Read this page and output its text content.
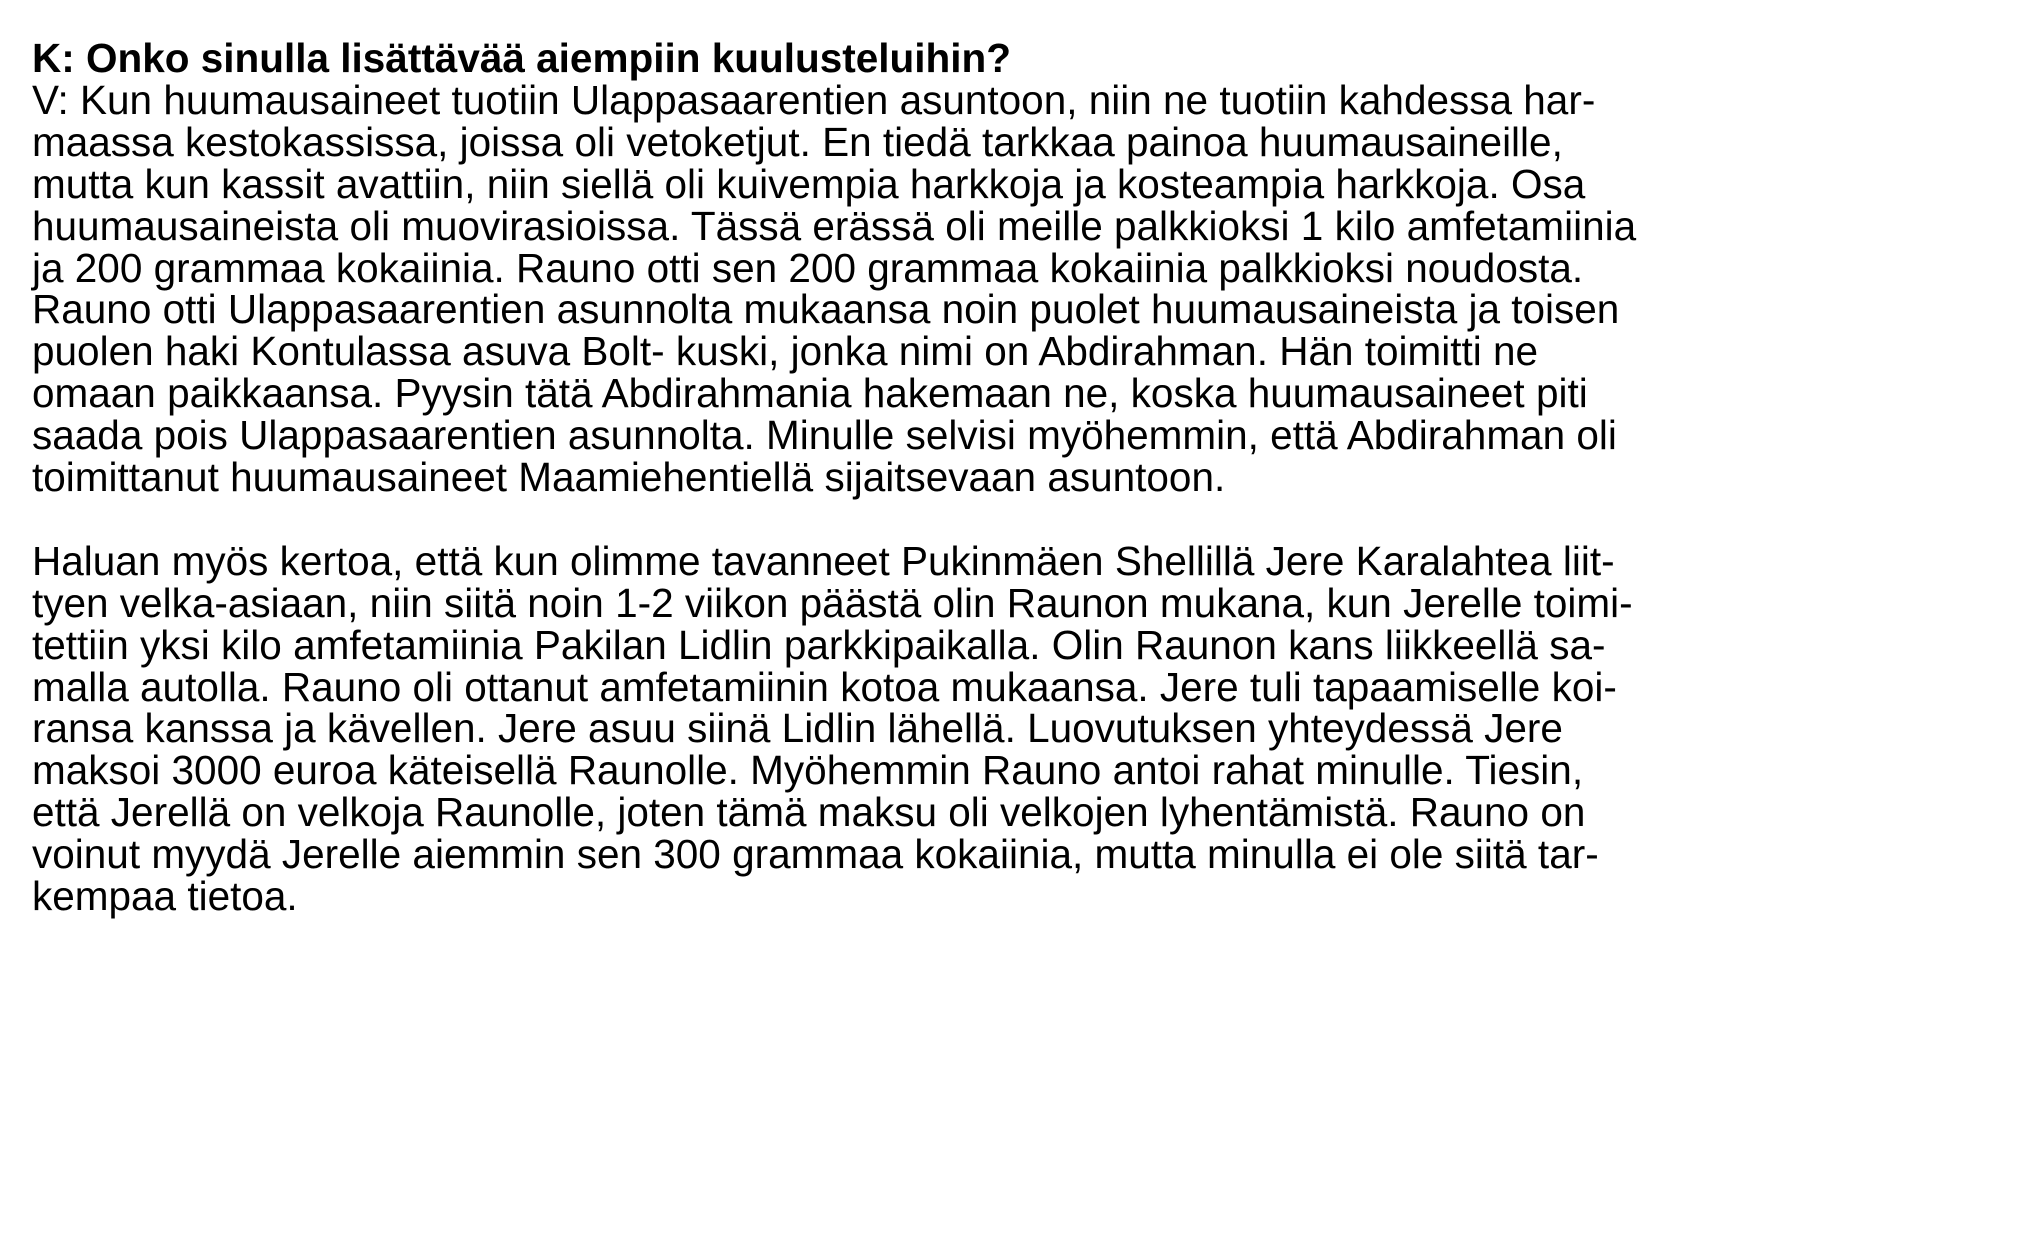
K: Onko sinulla lisättävää aiempiin kuulusteluihin?
V: Kun huumausaineet tuotiin Ulappasaarentien asuntoon, niin ne tuotiin kahdessa har-
maassa kestokassissa, joissa oli vetoketjut. En tiedä tarkkaa painoa huumausaineille,
mutta kun kassit avattiin, niin siellä oli kuivempia harkkoja ja kosteampia harkkoja. Osa
huumausaineista oli muovirasioissa. Tässä erässä oli meille palkkioksi 1 kilo amfetamiinia
ja 200 grammaa kokaiinia. Rauno otti sen 200 grammaa kokaiinia palkkioksi noudosta.
Rauno otti Ulappasaarentien asunnolta mukaansa noin puolet huumausaineista ja toisen
puolen haki Kontulassa asuva Bolt- kuski, jonka nimi on Abdirahman. Hän toimitti ne
omaan paikkaansa. Pyysin tätä Abdirahmania hakemaan ne, koska huumausaineet piti
saada pois Ulappasaarentien asunnolta. Minulle selvisi myöhemmin, että Abdirahman oli
toimittanut huumausaineet Maamiehentiellä sijaitsevaan asuntoon.
Haluan myös kertoa, että kun olimme tavanneet Pukinmäen Shellillä Jere Karalahtea liit-
tyen velka-asiaan, niin siitä noin 1-2 viikon päästä olin Raunon mukana, kun Jerelle toimi-
tettiin yksi kilo amfetamiinia Pakilan Lidlin parkkipaikalla. Olin Raunon kans liikkeellä sa-
malla autolla. Rauno oli ottanut amfetamiinin kotoa mukaansa. Jere tuli tapaamiselle koi-
ransa kanssa ja kävellen. Jere asuu siinä Lidlin lähellä. Luovutuksen yhteydessä Jere
maksoi 3000 euroa käteisellä Raunolle. Myöhemmin Rauno antoi rahat minulle. Tiesin,
että Jerellä on velkoja Raunolle, joten tämä maksu oli velkojen lyhentämistä. Rauno on
voinut myydä Jerelle aiemmin sen 300 grammaa kokaiinia, mutta minulla ei ole siitä tar-
kempaa tietoa.
